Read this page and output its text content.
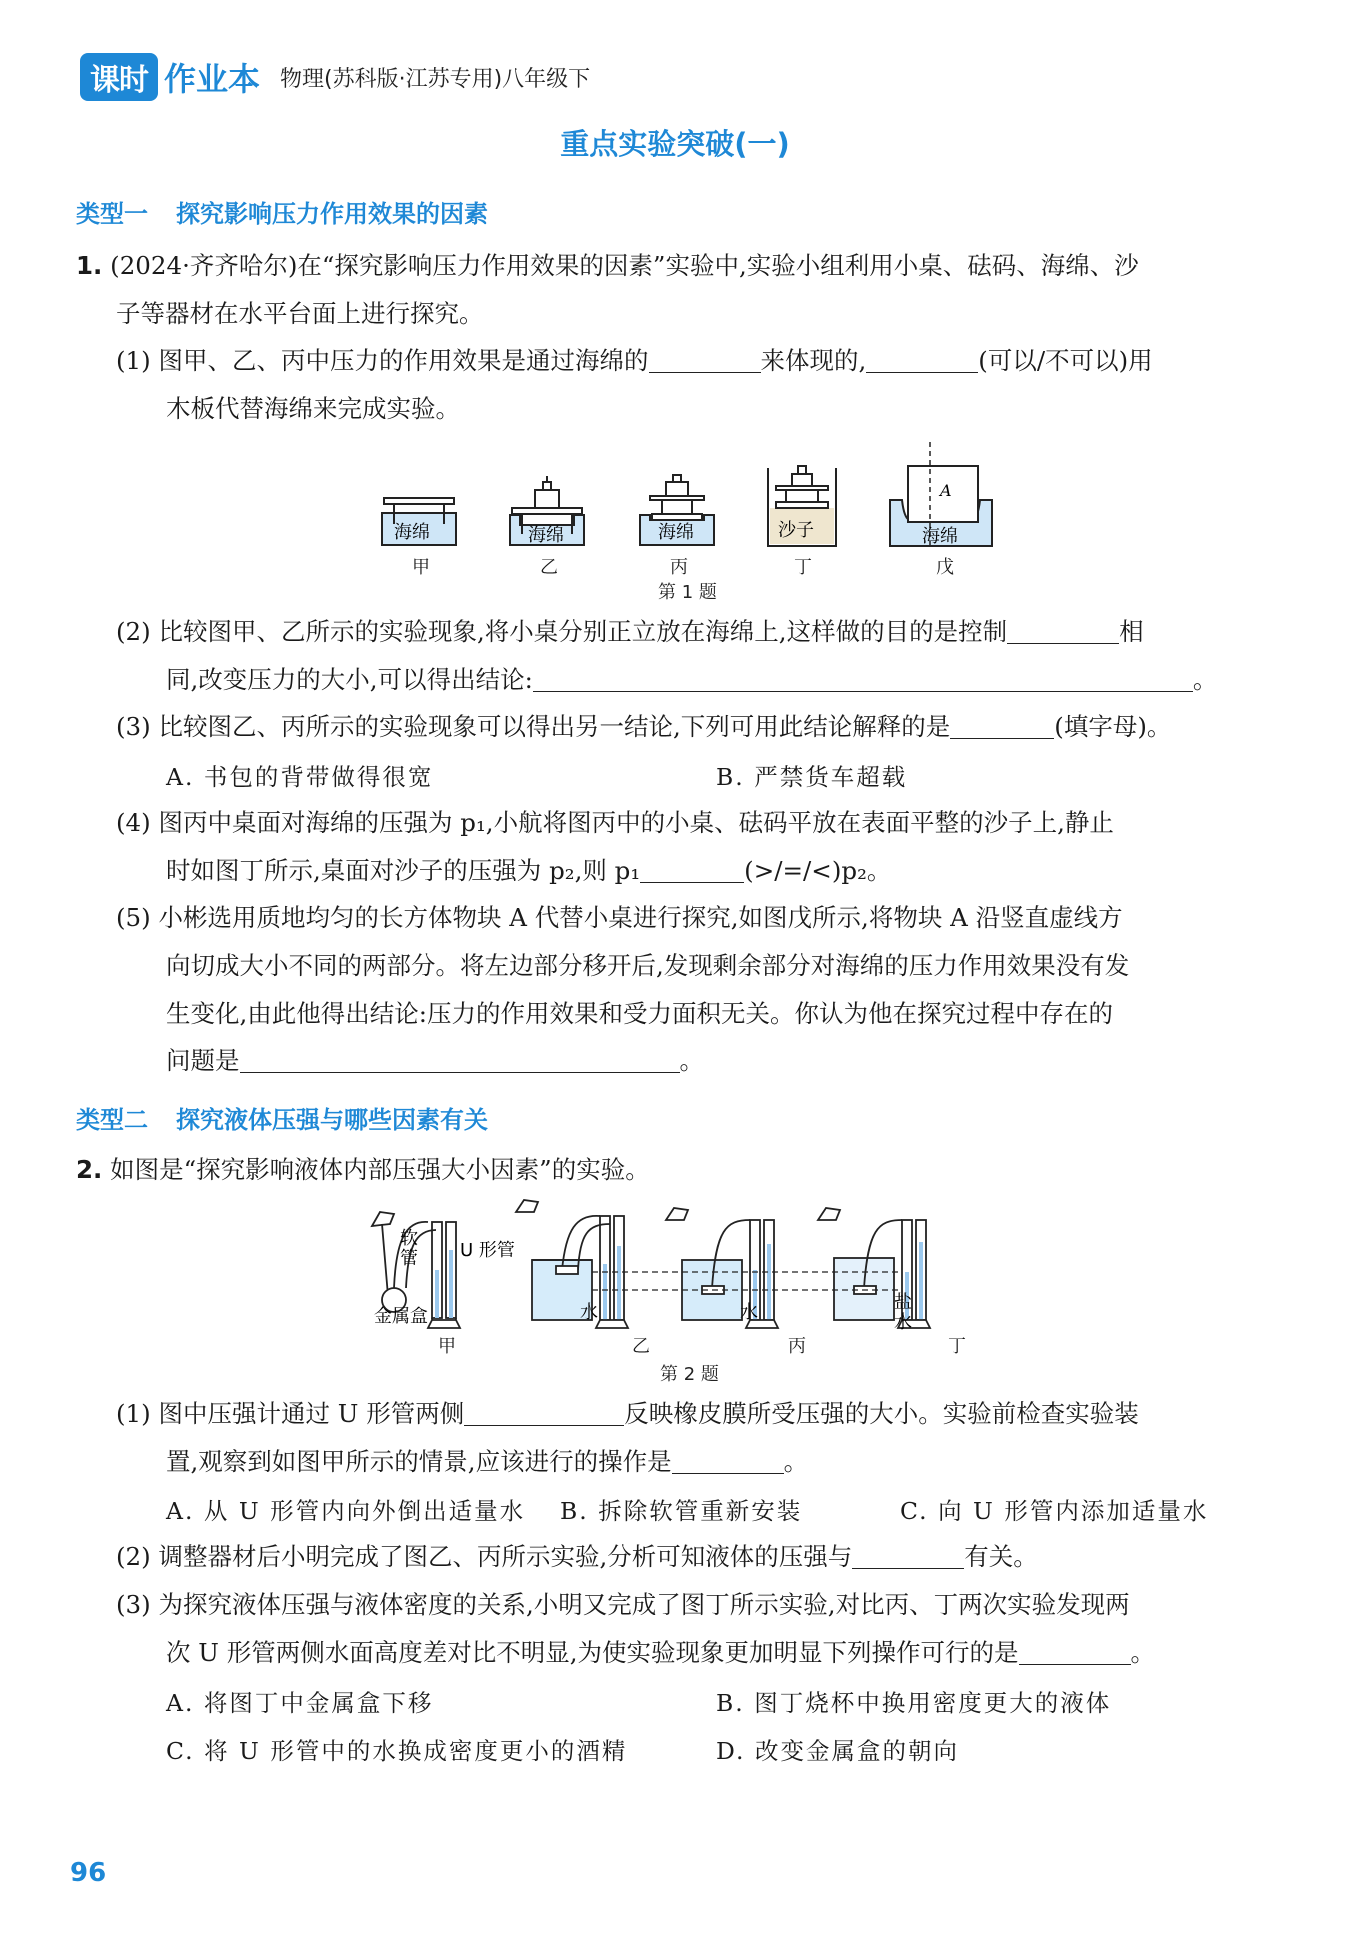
课时 作业本 物理(苏科版·江苏专用)八年级下
重点实验突破(一)
类型一 探究影响压力作用效果的因素
1. (2024·齐齐哈尔)在“探究影响压力作用效果的因素”实验中,实验小组利用小桌、砝码、海绵、沙
子等器材在水平台面上进行探究。
(1) 图甲、乙、丙中压力的作用效果是通过海绵的	来体现的,	(可以/不可以)用
木板代替海绵来完成实验。
海绵	海绵	海绵	沙子	海绵
A
甲	乙	丙	丁	戊
第 1 题
(2) 比较图甲、乙所示的实验现象,将小桌分别正立放在海绵上,这样做的目的是控制	相
同,改变压力的大小,可以得出结论:	。
(3) 比较图乙、丙所示的实验现象可以得出另一结论,下列可用此结论解释的是	(填字母)。
A. 书包的背带做得很宽	B. 严禁货车超载
(4) 图丙中桌面对海绵的压强为 p₁,小航将图丙中的小桌、砝码平放在表面平整的沙子上,静止
时如图丁所示,桌面对沙子的压强为 p₂,则 p₁	(>/=/<)p₂。
(5) 小彬选用质地均匀的长方体物块 A 代替小桌进行探究,如图戊所示,将物块 A 沿竖直虚线方
向切成大小不同的两部分。将左边部分移开后,发现剩余部分对海绵的压力作用效果没有发
生变化,由此他得出结论:压力的作用效果和受力面积无关。你认为他在探究过程中存在的
问题是	。
类型二 探究液体压强与哪些因素有关
2. 如图是“探究影响液体内部压强大小因素”的实验。
软
管 U 形管
金属盒	水	水	盐
水
甲	乙	丙	丁
第 2 题
(1) 图中压强计通过 U 形管两侧	反映橡皮膜所受压强的大小。实验前检查实验装
置,观察到如图甲所示的情景,应该进行的操作是	。
A. 从 U 形管内向外倒出适量水 B. 拆除软管重新安装	C. 向 U 形管内添加适量水
(2) 调整器材后小明完成了图乙、丙所示实验,分析可知液体的压强与	有关。
(3) 为探究液体压强与液体密度的关系,小明又完成了图丁所示实验,对比丙、丁两次实验发现两
次 U 形管两侧水面高度差对比不明显,为使实验现象更加明显下列操作可行的是	。
A. 将图丁中金属盒下移	B. 图丁烧杯中换用密度更大的液体
C. 将 U 形管中的水换成密度更小的酒精	D. 改变金属盒的朝向
96
